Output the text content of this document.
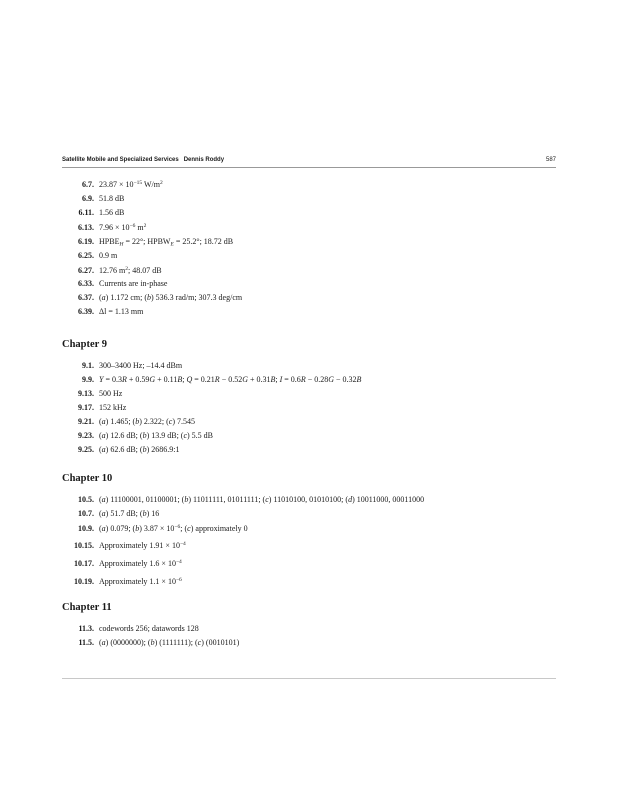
Satellite Mobile and Specialized Services Dennis Roddy	587
6.7. $23.87 \times 10^{-15}$ $W/m^2$
6.9. 51.8 dB
6.11. 1.56 dB
6.13. $7.96 \times 10^{-6}$ $m^2$
6.19. $HPBE_H = 22^\circ$; $HPBW_E = 25.2^\circ$; 18.72 dB
6.25. 0.9 m
6.27. 12.76 $m^2$; 48.07 dB
6.33. Currents are in-phase
6.37. (a) 1.172 cm; (b) 536.3 rad/m; 307.3 deg/cm
6.39. Δl = 1.13 mm
Chapter 9
9.1. 300–3400 Hz; –14.4 dBm
9.9. Y = 0.3R + 0.59G + 0.11B; Q = 0.21R − 0.52G + 0.31B; I = 0.6R − 0.28G − 0.32B
9.13. 500 Hz
9.17. 152 kHz
9.21. (a) 1.465; (b) 2.322; (c) 7.545
9.23. (a) 12.6 dB; (b) 13.9 dB; (c) 5.5 dB
9.25. (a) 62.6 dB; (b) 2686.9:1
Chapter 10
10.5. (a) 11100001, 01100001; (b) 11011111, 01011111; (c) 11010100, 01010100; (d) 10011000, 00011000
10.7. (a) 51.7 dB; (b) 16
10.9. (a) 0.079; (b) $3.87 \times 10^{-6}$; (c) approximately 0
10.15. Approximately $1.91 \times 10^{-4}$
10.17. Approximately $1.6 \times 10^{-4}$
10.19. Approximately $1.1 \times 10^{-6}$
Chapter 11
11.3. codewords 256; datawords 128
11.5. (a) (0000000); (b) (1111111); (c) (0010101)
